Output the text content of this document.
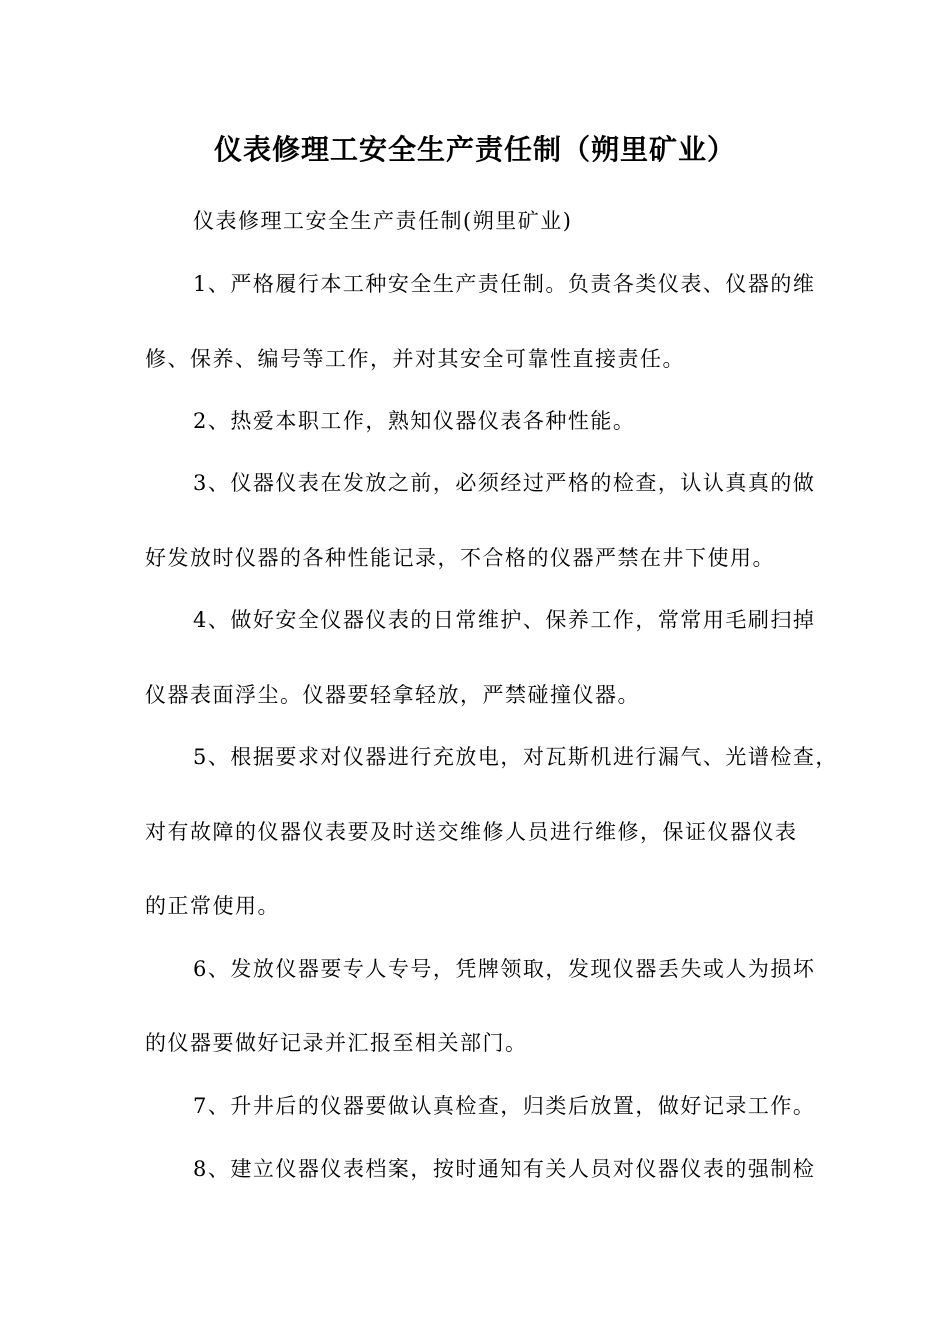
仪表修理工安全生产责任制（朔里矿业）
仪表修理工安全生产责任制(朔里矿业)
1、严格履行本工种安全生产责任制。负责各类仪表、仪器的维
修、保养、编号等工作，并对其安全可靠性直接责任。
2、热爱本职工作，熟知仪器仪表各种性能。
3、仪器仪表在发放之前，必须经过严格的检查，认认真真的做
好发放时仪器的各种性能记录，不合格的仪器严禁在井下使用。
4、做好安全仪器仪表的日常维护、保养工作，常常用毛刷扫掉
仪器表面浮尘。仪器要轻拿轻放，严禁碰撞仪器。
5、根据要求对仪器进行充放电，对瓦斯机进行漏气、光谱检查，
对有故障的仪器仪表要及时送交维修人员进行维修，保证仪器仪表
的正常使用。
6、发放仪器要专人专号，凭牌领取，发现仪器丢失或人为损坏
的仪器要做好记录并汇报至相关部门。
7、升井后的仪器要做认真检查，归类后放置，做好记录工作。
8、建立仪器仪表档案，按时通知有关人员对仪器仪表的强制检
